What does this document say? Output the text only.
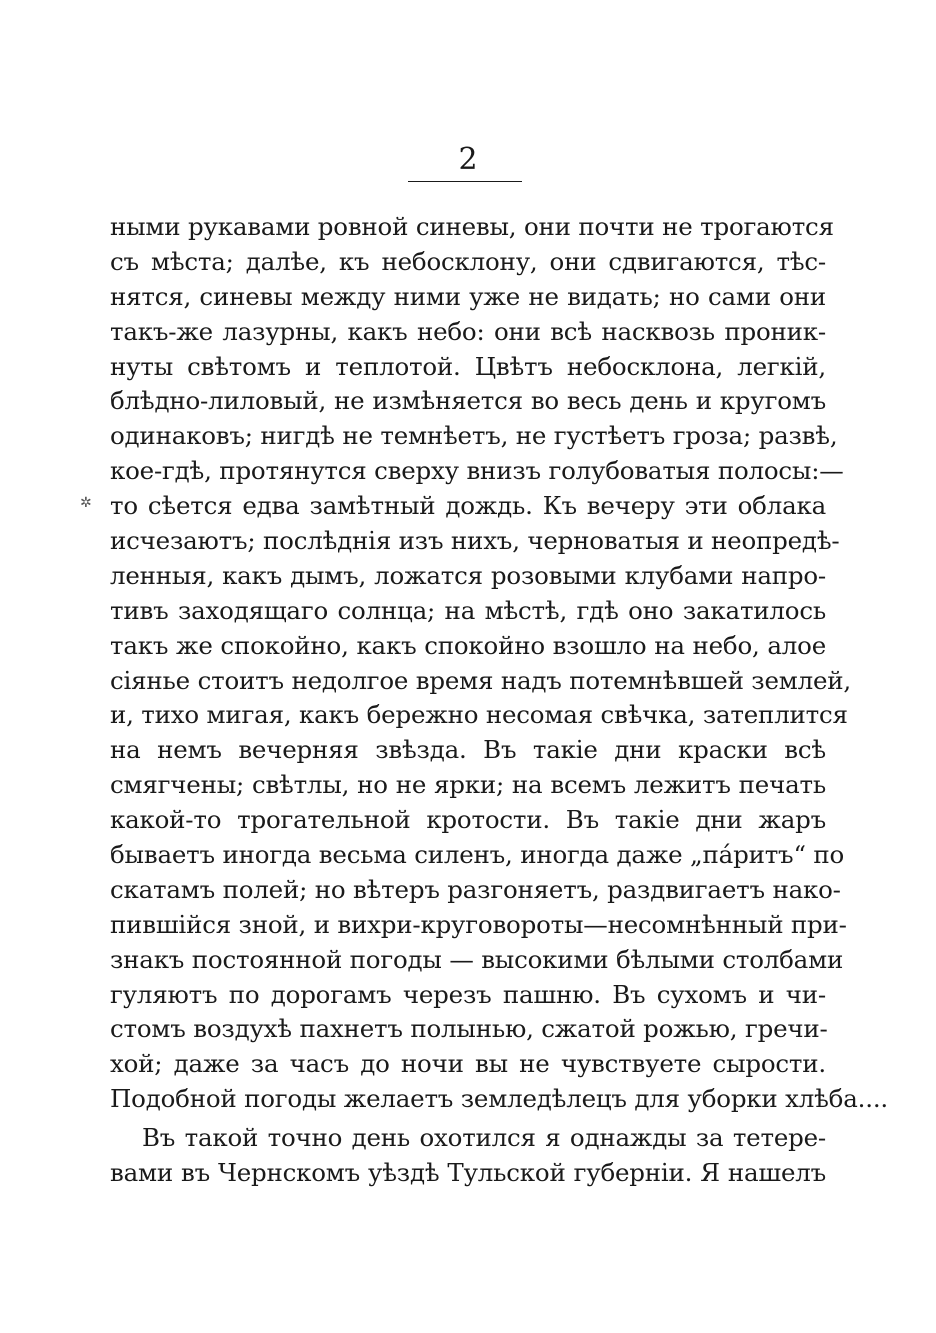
2
✲
ными рукавами ровной синевы, они почти не трогаются
съ мѣста; далѣе, къ небосклону, они сдвигаются, тѣс-
нятся, синевы между ними уже не видать; но сами они
такъ-же лазурны, какъ небо: они всѣ насквозь проник-
нуты свѣтомъ и теплотой. Цвѣтъ небосклона, легкій,
блѣдно-лиловый, не измѣняется во весь день и кругомъ
одинаковъ; нигдѣ не темнѣетъ, не густѣетъ гроза; развѣ,
кое-гдѣ, протянутся сверху внизъ голубоватыя полосы:—
то сѣется едва замѣтный дождь. Къ вечеру эти облака
исчезаютъ; послѣднія изъ нихъ, черноватыя и неопредѣ-
ленныя, какъ дымъ, ложатся розовыми клубами напро-
тивъ заходящаго солнца; на мѣстѣ, гдѣ оно закатилось
такъ же спокойно, какъ спокойно взошло на небо, алое
сіянье стоитъ недолгое время надъ потемнѣвшей землей,
и, тихо мигая, какъ бережно несомая свѣчка, затеплится
на немъ вечерняя звѣзда. Въ такіе дни краски всѣ
смягчены; свѣтлы, но не ярки; на всемъ лежитъ печать
какой-то трогательной кротости. Въ такіе дни жаръ
бываетъ иногда весьма силенъ, иногда даже „па́ритъ“ по
скатамъ полей; но вѣтеръ разгоняетъ, раздвигаетъ нако-
пившійся зной, и вихри-круговороты—несомнѣнный при-
знакъ постоянной погоды — высокими бѣлыми столбами
гуляютъ по дорогамъ черезъ пашню. Въ сухомъ и чи-
стомъ воздухѣ пахнетъ полынью, сжатой рожью, гречи-
хой; даже за часъ до ночи вы не чувствуете сырости.
Подобной погоды желаетъ земледѣлецъ для уборки хлѣба....
Въ такой точно день охотился я однажды за тетере-
вами въ Чернскомъ уѣздѣ Тульской губерніи. Я нашелъ
